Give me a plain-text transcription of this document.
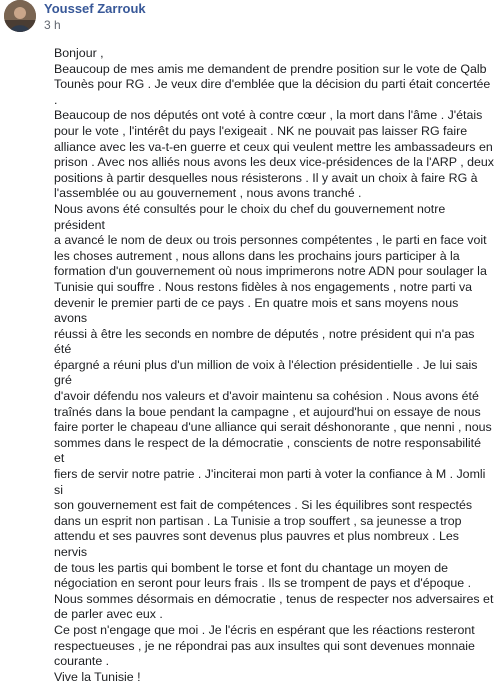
Youssef Zarrouk
3 h

Bonjour ,

Beaucoup de mes amis me demandent de prendre position sur le vote de Qalb

Tounès pour RG . Je veux dire d'emblée que la décision du parti était concertée .

Beaucoup de nos députés ont voté à contre cœur , la mort dans l'âme . J'étais

pour le vote , l'intérêt du pays l'exigeait . NK ne pouvait pas laisser RG faire

alliance avec les va-t-en guerre et ceux qui veulent mettre les ambassadeurs en

prison . Avec nos alliés nous avons les deux vice-présidences de la l'ARP , deux

positions à partir desquelles nous résisterons . Il y avait un choix à faire RG à

l'assemblée ou au gouvernement , nous avons tranché .

Nous avons été consultés pour le choix du chef du gouvernement notre président

a avancé le nom de deux ou trois personnes compétentes , le parti en face voit

les choses autrement , nous allons dans les prochains jours participer à la

formation d'un gouvernement où nous imprimerons notre ADN pour soulager la

Tunisie qui souffre . Nous restons fidèles à nos engagements , notre parti va

devenir le premier parti de ce pays . En quatre mois et sans moyens nous avons

réussi à être les seconds en nombre de députés , notre président qui n'a pas été

épargné a réuni plus d'un million de voix à l'élection présidentielle . Je lui sais gré

d'avoir défendu nos valeurs et d'avoir maintenu sa cohésion . Nous avons été

traînés dans la boue pendant la campagne , et aujourd'hui on essaye de nous

faire porter le chapeau d'une alliance qui serait déshonorante , que nenni , nous

sommes dans le respect de la démocratie , conscients de notre responsabilité et

fiers de servir notre patrie . J'inciterai mon parti à voter la confiance à M . Jomli si

son gouvernement est fait de compétences . Si les équilibres sont respectés

dans un esprit non partisan . La Tunisie a trop souffert , sa jeunesse a trop

attendu et ses pauvres sont devenus plus pauvres et plus nombreux . Les nervis

de tous les partis qui bombent le torse et font du chantage un moyen de

négociation en seront pour leurs frais . Ils se trompent de pays et d'époque .

Nous sommes désormais en démocratie , tenus de respecter nos adversaires et

de parler avec eux .

Ce post n'engage que moi . Je l'écris en espérant que les réactions resteront

respectueuses , je ne répondrai pas aux insultes qui sont devenues monnaie

courante .

Vive la Tunisie !
